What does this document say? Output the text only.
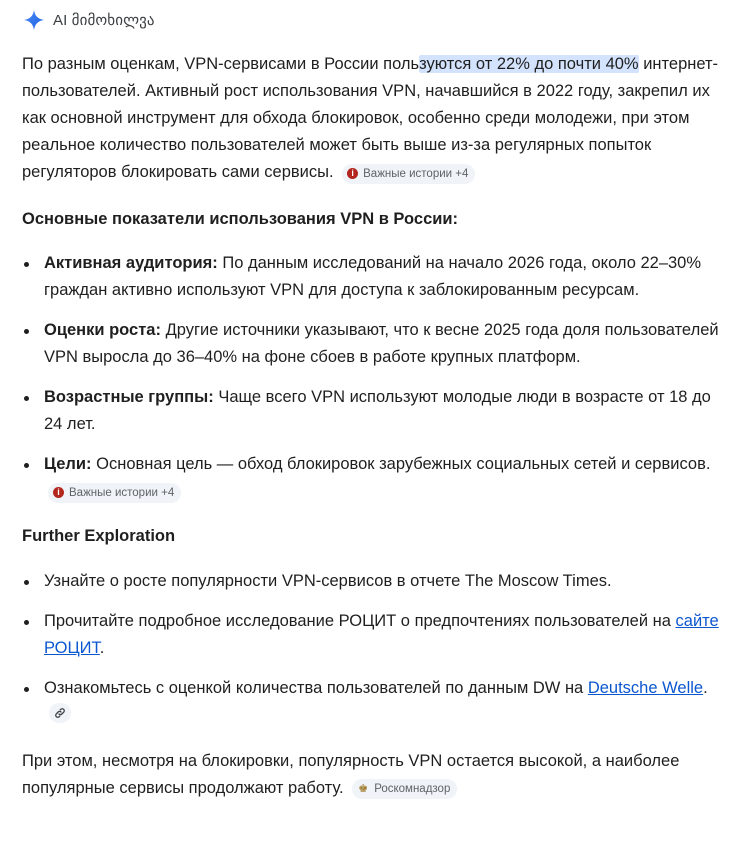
AI მიმოხილვა

По разным оценкам, VPN-сервисами в России пользуются от 22% до почти 40% интернет-пользователей. Активный рост использования VPN, начавшийся в 2022 году, закрепил их как основной инструмент для обхода блокировок, особенно среди молодежи, при этом реальное количество пользователей может быть выше из-за регулярных попыток регуляторов блокировать сами сервисы.	i Важные истории +4

Основные показатели использования VPN в России:
Активная аудитория: По данным исследований на начало 2026 года, около 22–30% граждан активно используют VPN для доступа к заблокированным ресурсам.
Оценки роста: Другие источники указывают, что к весне 2025 года доля пользователей VPN выросла до 36–40% на фоне сбоев в работе крупных платформ.
Возрастные группы: Чаще всего VPN используют молодые люди в возрасте от 18 до 24 лет.
Цели: Основная цель — обход блокировок зарубежных социальных сетей и сервисов.
i Важные истории +4
Further Exploration
Узнайте о росте популярности VPN-сервисов в отчете The Moscow Times.
Прочитайте подробное исследование РОЦИТ о предпочтениях пользователей на сайте РОЦИТ.
Ознакомьтесь с оценкой количества пользователей по данным DW на Deutsche Welle.

При этом, несмотря на блокировки, популярность VPN остается высокой, а наиболее популярные сервисы продолжают работу. ♚ Роскомнадзор
